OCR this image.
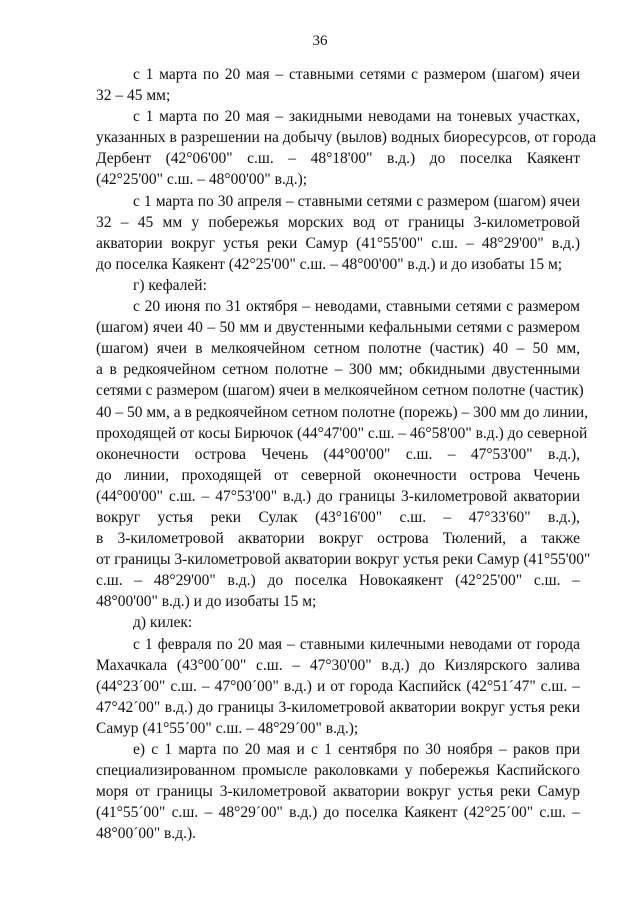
36
с 1 марта по 20 мая – ставными сетями с размером (шагом) ячеи
32 – 45 мм;
с 1 марта по 20 мая – закидными неводами на тоневых участках,
указанных в разрешении на добычу (вылов) водных биоресурсов, от города
Дербент (42°06'00" с.ш. – 48°18'00" в.д.) до поселка Каякент
(42°25'00" с.ш. – 48°00'00" в.д.);
с 1 марта по 30 апреля – ставными сетями с размером (шагом) ячеи
32 – 45 мм у побережья морских вод от границы 3-километровой
акватории вокруг устья реки Самур (41°55'00" с.ш. – 48°29'00" в.д.)
до поселка Каякент (42°25'00" с.ш. – 48°00'00" в.д.) и до изобаты 15 м;
г) кефалей:
с 20 июня по 31 октября – неводами, ставными сетями с размером
(шагом) ячеи 40 – 50 мм и двустенными кефальными сетями с размером
(шагом) ячеи в мелкоячейном сетном полотне (частик) 40 – 50 мм,
а в редкоячейном сетном полотне – 300 мм; обкидными двустенными
сетями с размером (шагом) ячеи в мелкоячейном сетном полотне (частик)
40 – 50 мм, а в редкоячейном сетном полотне (порежь) – 300 мм до линии,
проходящей от косы Бирючок (44°47'00" с.ш. – 46°58'00" в.д.) до северной
оконечности острова Чечень (44°00'00" с.ш. – 47°53'00" в.д.),
до линии, проходящей от северной оконечности острова Чечень
(44°00'00" с.ш. – 47°53'00" в.д.) до границы 3-километровой акватории
вокруг устья реки Сулак (43°16'00" с.ш. – 47°33'60" в.д.),
в 3-километровой акватории вокруг острова Тюлений, а также
от границы 3-километровой акватории вокруг устья реки Самур (41°55'00"
с.ш. – 48°29'00" в.д.) до поселка Новокаякент (42°25'00" с.ш. –
48°00'00" в.д.) и до изобаты 15 м;
д) килек:
с 1 февраля по 20 мая – ставными килечными неводами от города
Махачкала (43°00´00" с.ш. – 47°30'00" в.д.) до Кизлярского залива
(44°23´00" с.ш. – 47°00´00" в.д.) и от города Каспийск (42°51´47" с.ш. –
47°42´00" в.д.) до границы 3-километровой акватории вокруг устья реки
Самур (41°55´00" с.ш. – 48°29´00" в.д.);
е) с 1 марта по 20 мая и с 1 сентября по 30 ноября – раков при
специализированном промысле раколовками у побережья Каспийского
моря от границы 3-километровой акватории вокруг устья реки Самур
(41°55´00" с.ш. – 48°29´00" в.д.) до поселка Каякент (42°25´00" с.ш. –
48°00´00" в.д.).
